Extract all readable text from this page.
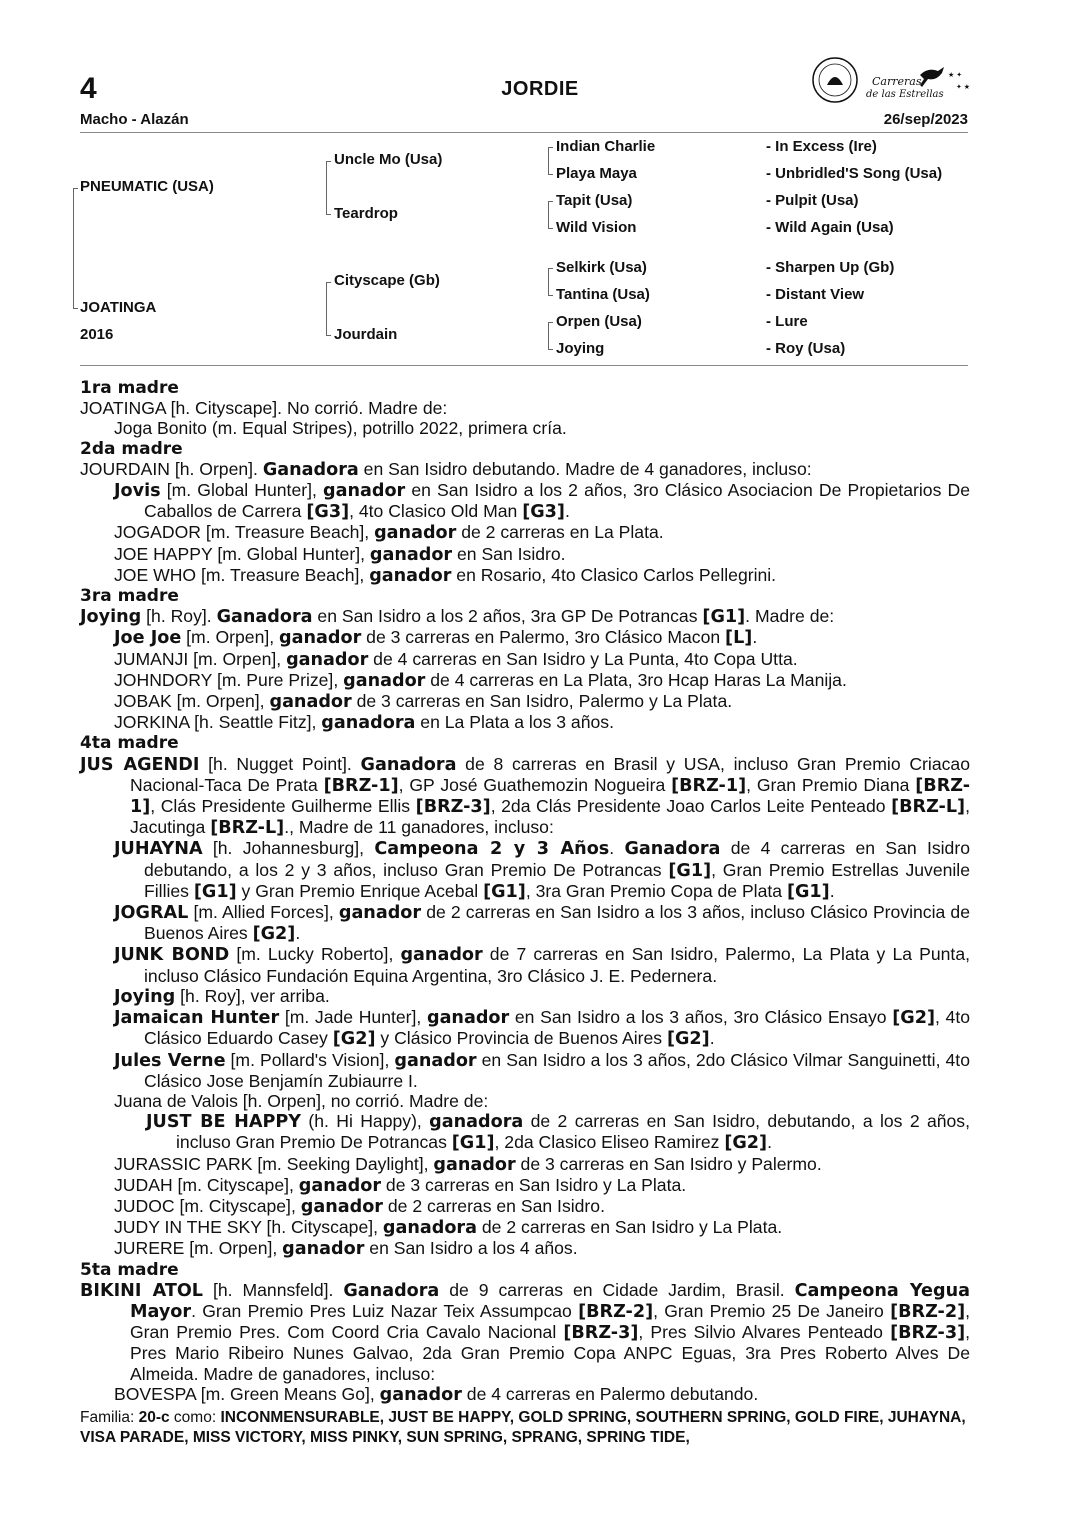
4	JORDIE
Macho - Alazán	26/sep/2023
Carreras
de las Estrellas
★ ✦
✦ ★
PNEUMATIC (USA)
JOATINGA
2016
Uncle Mo (Usa)
Teardrop
Cityscape (Gb)
Jourdain
Indian Charlie
Playa Maya
Tapit (Usa)
Wild Vision
Selkirk (Usa)
Tantina (Usa)
Orpen (Usa)
Joying
- In Excess (Ire)
- Unbridled'S Song (Usa)
- Pulpit (Usa)
- Wild Again (Usa)
- Sharpen Up (Gb)
- Distant View
- Lure
- Roy (Usa)

1ra madre

JOATINGA [h. Cityscape]. No corrió. Madre de:

Joga Bonito (m. Equal Stripes), potrillo 2022, primera cría.

2da madre

JOURDAIN [h. Orpen]. Ganadora en San Isidro debutando. Madre de 4 ganadores, incluso:

Jovis [m. Global Hunter], ganador en San Isidro a los 2 años, 3ro Clásico Asociacion De Propietarios De Caballos de Carrera [G3], 4to Clasico Old Man [G3].

JOGADOR [m. Treasure Beach], ganador de 2 carreras en La Plata.

JOE HAPPY [m. Global Hunter], ganador en San Isidro.

JOE WHO [m. Treasure Beach], ganador en Rosario, 4to Clasico Carlos Pellegrini.

3ra madre

Joying [h. Roy]. Ganadora en San Isidro a los 2 años, 3ra GP De Potrancas [G1]. Madre de:

Joe Joe [m. Orpen], ganador de 3 carreras en Palermo, 3ro Clásico Macon [L].

JUMANJI [m. Orpen], ganador de 4 carreras en San Isidro y La Punta, 4to Copa Utta.

JOHNDORY [m. Pure Prize], ganador de 4 carreras en La Plata, 3ro Hcap Haras La Manija.

JOBAK [m. Orpen], ganador de 3 carreras en San Isidro, Palermo y La Plata.

JORKINA [h. Seattle Fitz], ganadora en La Plata a los 3 años.

4ta madre

JUS AGENDI [h. Nugget Point]. Ganadora de 8 carreras en Brasil y USA, incluso Gran Premio Criacao Nacional-Taca De Prata [BRZ-1], GP José Guathemozin Nogueira [BRZ-1], Gran Premio Diana [BRZ-1], Clás Presidente Guilherme Ellis [BRZ-3], 2da Clás Presidente Joao Carlos Leite Penteado [BRZ-L], Jacutinga [BRZ-L]., Madre de 11 ganadores, incluso:

JUHAYNA [h. Johannesburg], Campeona 2 y 3 Años. Ganadora de 4 carreras en San Isidro debutando, a los 2 y 3 años, incluso Gran Premio De Potrancas [G1], Gran Premio Estrellas Juvenile Fillies [G1] y Gran Premio Enrique Acebal [G1], 3ra Gran Premio Copa de Plata [G1].

JOGRAL [m. Allied Forces], ganador de 2 carreras en San Isidro a los 3 años, incluso Clásico Provincia de Buenos Aires [G2].

JUNK BOND [m. Lucky Roberto], ganador de 7 carreras en San Isidro, Palermo, La Plata y La Punta, incluso Clásico Fundación Equina Argentina, 3ro Clásico J. E. Pedernera.

Joying [h. Roy], ver arriba.

Jamaican Hunter [m. Jade Hunter], ganador en San Isidro a los 3 años, 3ro Clásico Ensayo [G2], 4to Clásico Eduardo Casey [G2] y Clásico Provincia de Buenos Aires [G2].

Jules Verne [m. Pollard's Vision], ganador en San Isidro a los 3 años, 2do Clásico Vilmar Sanguinetti, 4to Clásico Jose Benjamín Zubiaurre I.

Juana de Valois [h. Orpen], no corrió. Madre de:

JUST BE HAPPY (h. Hi Happy), ganadora de 2 carreras en San Isidro, debutando, a los 2 años, incluso Gran Premio De Potrancas [G1], 2da Clasico Eliseo Ramirez [G2].

JURASSIC PARK [m. Seeking Daylight], ganador de 3 carreras en San Isidro y Palermo.

JUDAH [m. Cityscape], ganador de 3 carreras en San Isidro y La Plata.

JUDOC [m. Cityscape], ganador de 2 carreras en San Isidro.

JUDY IN THE SKY [h. Cityscape], ganadora de 2 carreras en San Isidro y La Plata.

JURERE [m. Orpen], ganador en San Isidro a los 4 años.

5ta madre

BIKINI ATOL [h. Mannsfeld]. Ganadora de 9 carreras en Cidade Jardim, Brasil. Campeona Yegua Mayor. Gran Premio Pres Luiz Nazar Teix Assumpcao [BRZ-2], Gran Premio 25 De Janeiro [BRZ-2], Gran Premio Pres. Com Coord Cria Cavalo Nacional [BRZ-3], Pres Silvio Alvares Penteado [BRZ-3], Pres Mario Ribeiro Nunes Galvao, 2da Gran Premio Copa ANPC Eguas, 3ra Pres Roberto Alves De Almeida. Madre de ganadores, incluso:

BOVESPA [m. Green Means Go], ganador de 4 carreras en Palermo debutando.

Familia: 20-c como: INCONMENSURABLE, JUST BE HAPPY, GOLD SPRING, SOUTHERN SPRING, GOLD FIRE, JUHAYNA, VISA PARADE, MISS VICTORY, MISS PINKY, SUN SPRING, SPRANG, SPRING TIDE,
